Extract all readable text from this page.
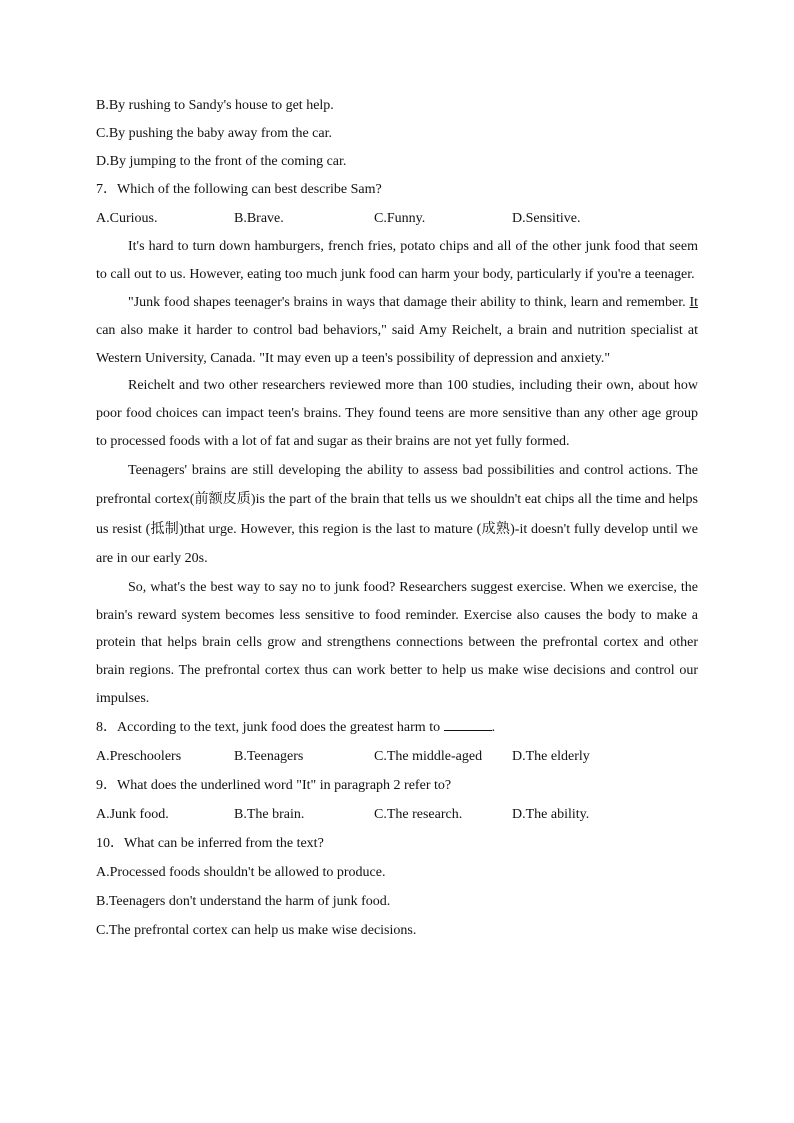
B.By rushing to Sandy's house to get help.
C.By pushing the baby away from the car.
D.By jumping to the front of the coming car.
7．Which of the following can best describe Sam?
A.Curious.	B.Brave.	C.Funny.	D.Sensitive.

It's hard to turn down hamburgers, french fries, potato chips and all of the other junk food that seem to call out to us. However, eating too much junk food can harm your body, particularly if you're a teenager.

"Junk food shapes teenager's brains in ways that damage their ability to think, learn and remember. It can also make it harder to control bad behaviors," said Amy Reichelt, a brain and nutrition specialist at Western University, Canada. "It may even up a teen's possibility of depression and anxiety."

Reichelt and two other researchers reviewed more than 100 studies, including their own, about how poor food choices can impact teen's brains. They found teens are more sensitive than any other age group to processed foods with a lot of fat and sugar as their brains are not yet fully formed.

Teenagers' brains are still developing the ability to assess bad possibilities and control actions. The prefrontal cortex(前额皮质)is the part of the brain that tells us we shouldn't eat chips all the time and helps us resist (抵制)that urge. However, this region is the last to mature (成熟)-it doesn't fully develop until we are in our early 20s.

So, what's the best way to say no to junk food? Researchers suggest exercise. When we exercise, the brain's reward system becomes less sensitive to food reminder. Exercise also causes the body to make a protein that helps brain cells grow and strengthens connections between the prefrontal cortex and other brain regions. The prefrontal cortex thus can work better to help us make wise decisions and control our impulses.

8．According to the text, junk food does the greatest harm to	.
A.Preschoolers	B.Teenagers	C.The middle-aged	D.The elderly
9．What does the underlined word "It" in paragraph 2 refer to?
A.Junk food.	B.The brain.	C.The research.	D.The ability.
10．What can be inferred from the text?
A.Processed foods shouldn't be allowed to produce.
B.Teenagers don't understand the harm of junk food.
C.The prefrontal cortex can help us make wise decisions.
